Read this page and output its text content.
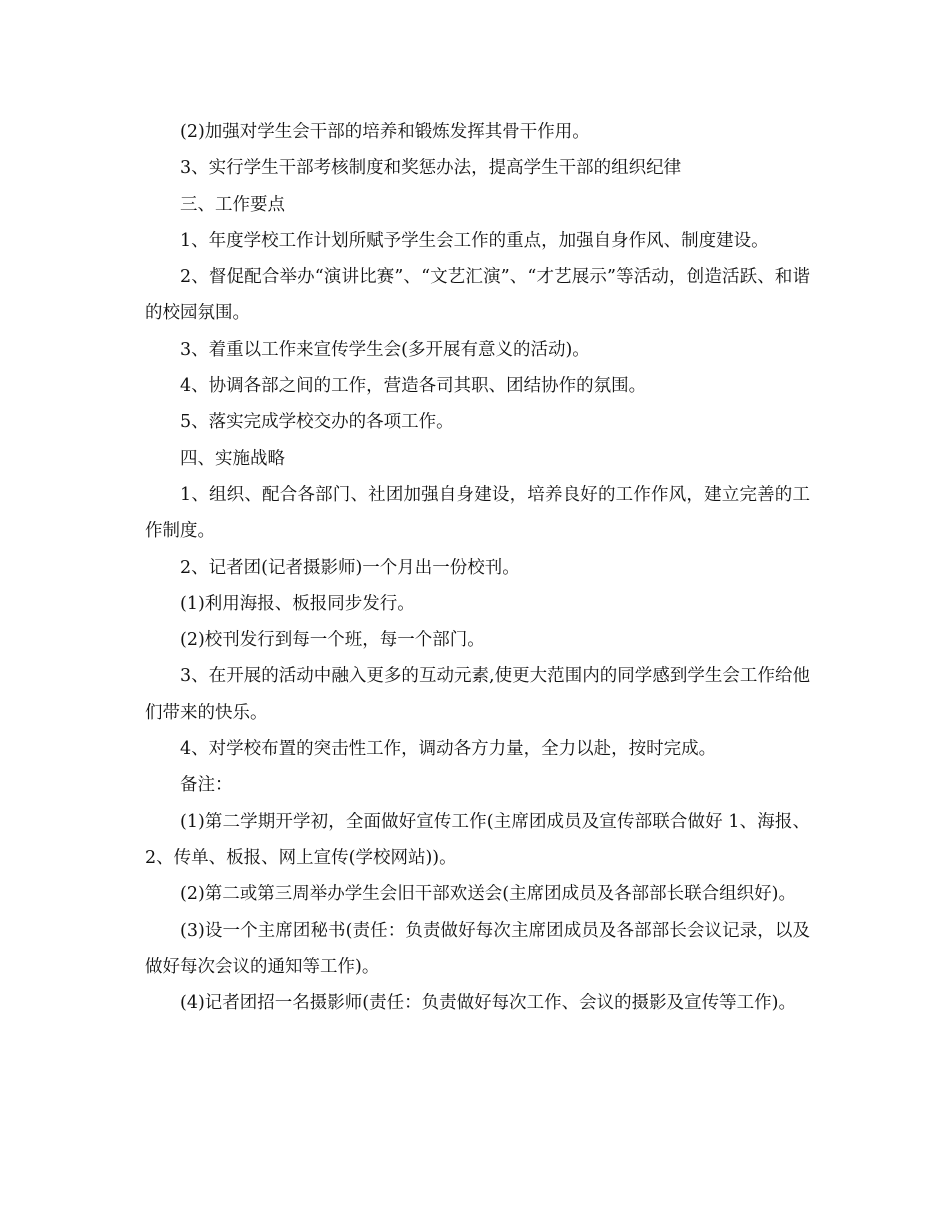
(2)加强对学生会干部的培养和锻炼发挥其骨干作用。

3、实行学生干部考核制度和奖惩办法，提高学生干部的组织纪律

三、工作要点

1、年度学校工作计划所赋予学生会工作的重点，加强自身作风、制度建设。

2、督促配合举办“演讲比赛”、“文艺汇演”、“才艺展示”等活动，创造活跃、和谐的校园氛围。

3、着重以工作来宣传学生会(多开展有意义的活动)。

4、协调各部之间的工作，营造各司其职、团结协作的氛围。

5、落实完成学校交办的各项工作。

四、实施战略

1、组织、配合各部门、社团加强自身建设，培养良好的工作作风，建立完善的工作制度。

2、记者团(记者摄影师)一个月出一份校刊。

(1)利用海报、板报同步发行。

(2)校刊发行到每一个班，每一个部门。

3、在开展的活动中融入更多的互动元素,使更大范围内的同学感到学生会工作给他们带来的快乐。

4、对学校布置的突击性工作，调动各方力量，全力以赴，按时完成。

备注：

(1)第二学期开学初，全面做好宣传工作(主席团成员及宣传部联合做好 1、海报、2、传单、板报、网上宣传(学校网站))。

(2)第二或第三周举办学生会旧干部欢送会(主席团成员及各部部长联合组织好)。

(3)设一个主席团秘书(责任：负责做好每次主席团成员及各部部长会议记录，以及做好每次会议的通知等工作)。

(4)记者团招一名摄影师(责任：负责做好每次工作、会议的摄影及宣传等工作)。
